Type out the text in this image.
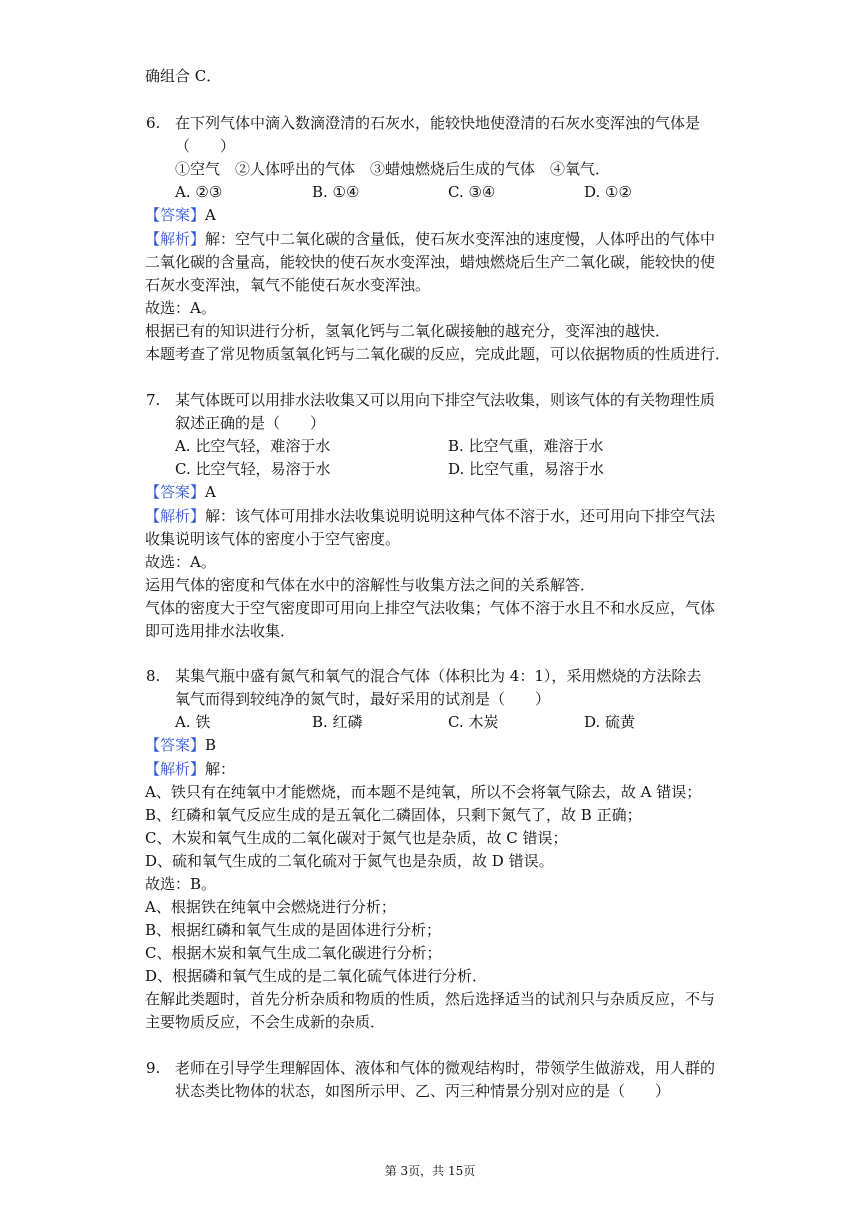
确组合 C．
6. 在下列气体中滴入数滴澄清的石灰水，能较快地使澄清的石灰水变浑浊的气体是
（　　）
①空气　②人体呼出的气体　③蜡烛燃烧后生成的气体　④氧气．
A. ②③	B. ①④	C. ③④	D. ①②
【答案】A
【解析】解：空气中二氧化碳的含量低，使石灰水变浑浊的速度慢，人体呼出的气体中
二氧化碳的含量高，能较快的使石灰水变浑浊，蜡烛燃烧后生产二氧化碳，能较快的使
石灰水变浑浊，氧气不能使石灰水变浑浊。
故选：A。
根据已有的知识进行分析，氢氧化钙与二氧化碳接触的越充分，变浑浊的越快．
本题考查了常见物质氢氧化钙与二氧化碳的反应，完成此题，可以依据物质的性质进行．
7. 某气体既可以用排水法收集又可以用向下排空气法收集，则该气体的有关物理性质
叙述正确的是（　　）
A. 比空气轻，难溶于水	B. 比空气重，难溶于水
C. 比空气轻，易溶于水	D. 比空气重，易溶于水
【答案】A
【解析】解：该气体可用排水法收集说明说明这种气体不溶于水，还可用向下排空气法
收集说明该气体的密度小于空气密度。
故选：A。
运用气体的密度和气体在水中的溶解性与收集方法之间的关系解答．
气体的密度大于空气密度即可用向上排空气法收集；气体不溶于水且不和水反应，气体
即可选用排水法收集．
8. 某集气瓶中盛有氮气和氧气的混合气体（体积比为 4：1），采用燃烧的方法除去
氧气而得到较纯净的氮气时，最好采用的试剂是（　　）
A. 铁	B. 红磷	C. 木炭	D. 硫黄
【答案】B
【解析】解：
A、铁只有在纯氧中才能燃烧，而本题不是纯氧，所以不会将氧气除去，故 A 错误；
B、红磷和氧气反应生成的是五氧化二磷固体，只剩下氮气了，故 B 正确；
C、木炭和氧气生成的二氧化碳对于氮气也是杂质，故 C 错误；
D、硫和氧气生成的二氧化硫对于氮气也是杂质，故 D 错误。
故选：B。
A、根据铁在纯氧中会燃烧进行分析；
B、根据红磷和氧气生成的是固体进行分析；
C、根据木炭和氧气生成二氧化碳进行分析；
D、根据磷和氧气生成的是二氧化硫气体进行分析．
在解此类题时，首先分析杂质和物质的性质，然后选择适当的试剂只与杂质反应，不与
主要物质反应，不会生成新的杂质．
9. 老师在引导学生理解固体、液体和气体的微观结构时，带领学生做游戏，用人群的
状态类比物体的状态，如图所示甲、乙、丙三种情景分别对应的是（　　）
第 3页，共 15页
